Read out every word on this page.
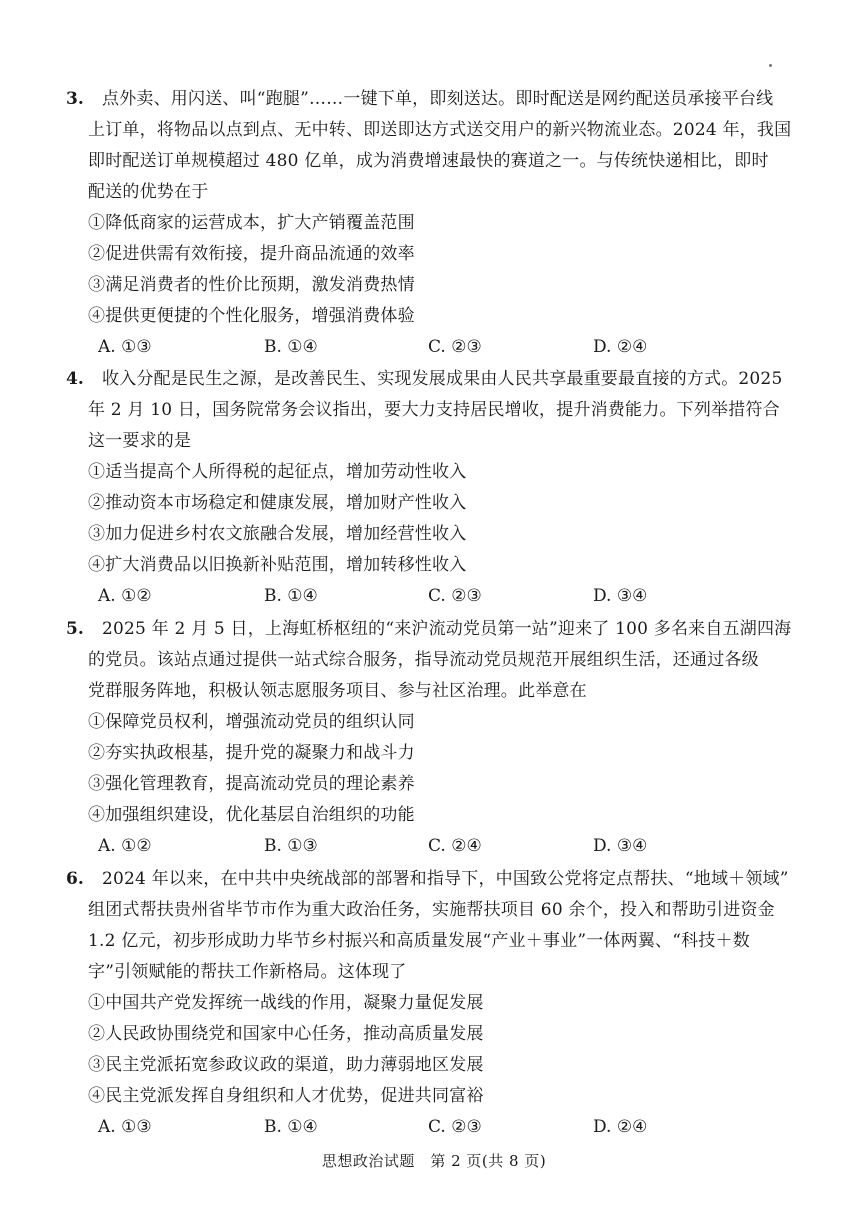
3. 点外卖、用闪送、叫“跑腿”……一键下单，即刻送达。即时配送是网约配送员承接平台线
上订单，将物品以点到点、无中转、即送即达方式送交用户的新兴物流业态。2024 年，我国
即时配送订单规模超过 480 亿单，成为消费增速最快的赛道之一。与传统快递相比，即时
配送的优势在于
①降低商家的运营成本，扩大产销覆盖范围
②促进供需有效衔接，提升商品流通的效率
③满足消费者的性价比预期，激发消费热情
④提供更便捷的个性化服务，增强消费体验
A. ①③	B. ①④	C. ②③	D. ②④
4. 收入分配是民生之源，是改善民生、实现发展成果由人民共享最重要最直接的方式。2025
年 2 月 10 日，国务院常务会议指出，要大力支持居民增收，提升消费能力。下列举措符合
这一要求的是
①适当提高个人所得税的起征点，增加劳动性收入
②推动资本市场稳定和健康发展，增加财产性收入
③加力促进乡村农文旅融合发展，增加经营性收入
④扩大消费品以旧换新补贴范围，增加转移性收入
A. ①②	B. ①④	C. ②③	D. ③④
5. 2025 年 2 月 5 日，上海虹桥枢纽的“来沪流动党员第一站”迎来了 100 多名来自五湖四海
的党员。该站点通过提供一站式综合服务，指导流动党员规范开展组织生活，还通过各级
党群服务阵地，积极认领志愿服务项目、参与社区治理。此举意在
①保障党员权利，增强流动党员的组织认同
②夯实执政根基，提升党的凝聚力和战斗力
③强化管理教育，提高流动党员的理论素养
④加强组织建设，优化基层自治组织的功能
A. ①②	B. ①③	C. ②④	D. ③④
6. 2024 年以来，在中共中央统战部的部署和指导下，中国致公党将定点帮扶、“地域＋领域”
组团式帮扶贵州省毕节市作为重大政治任务，实施帮扶项目 60 余个，投入和帮助引进资金
1.2 亿元，初步形成助力毕节乡村振兴和高质量发展“产业＋事业”一体两翼、“科技＋数
字”引领赋能的帮扶工作新格局。这体现了
①中国共产党发挥统一战线的作用，凝聚力量促发展
②人民政协围绕党和国家中心任务，推动高质量发展
③民主党派拓宽参政议政的渠道，助力薄弱地区发展
④民主党派发挥自身组织和人才优势，促进共同富裕
A. ①③	B. ①④	C. ②③	D. ②④
思想政治试题　第 2 页(共 8 页)
